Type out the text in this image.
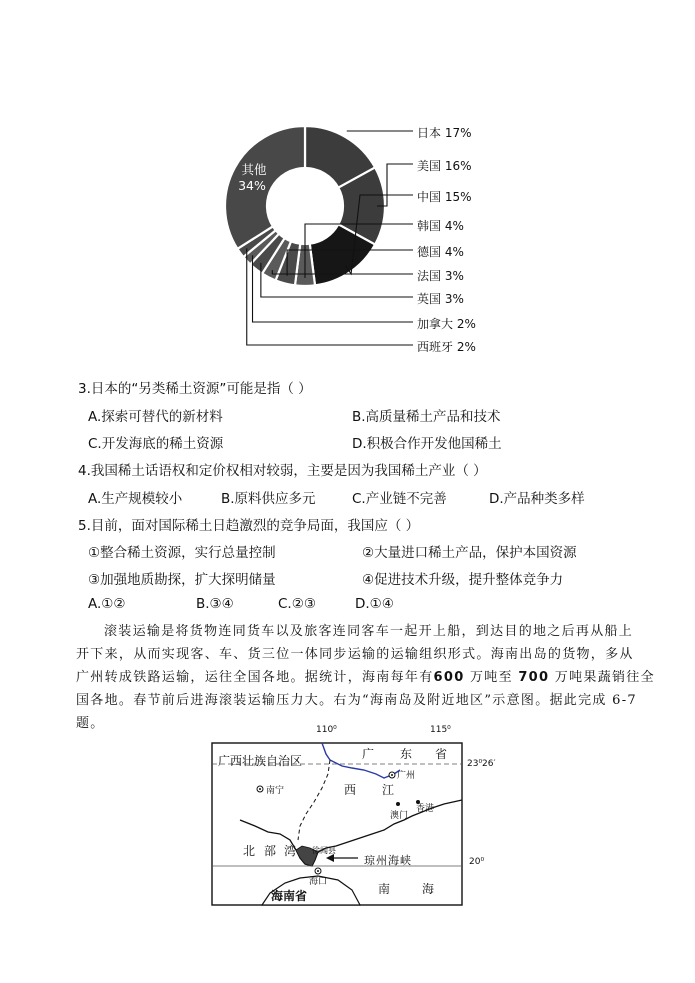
其他
34%
日本 17%
美国 16%
中国 15%
韩国 4%
德国 4%
法国 3%
英国 3%
加拿大 2%
西班牙 2%
3.日本的“另类稀土资源”可能是指（ ）
A.探索可替代的新材料	B.高质量稀土产品和技术
C.开发海底的稀土资源	D.积极合作开发他国稀土
4.我国稀土话语权和定价权相对较弱，主要是因为我国稀土产业（ ）
A.生产规模较小	B.原料供应多元	C.产业链不完善	D.产品种类多样
5.目前，面对国际稀土日趋激烈的竞争局面，我国应（ ）
①整合稀土资源，实行总量控制	②大量进口稀土产品，保护本国资源
③加强地质勘探，扩大探明储量	④促进技术升级，提升整体竞争力
A.①②	B.③④	C.②③	D.①④
滚装运输是将货物连同货车以及旅客连同客车一起开上船，到达目的地之后再从船上
开下来，从而实现客、车、货三位一体同步运输的运输组织形式。海南出岛的货物，多从
广州转成铁路运输，运往全国各地。据统计，海南每年有600 万吨至 700 万吨果蔬销往全
国各地。春节前后进海滚装运输压力大。右为“海南岛及附近地区”示意图。据此完成 6-7
题。	110⁰	115⁰
23⁰26′
20⁰
广西壮族自治区	广 东 省
南宁
广州
西 江
澳门
香港
北 部 湾 徐闻县
琼州海峡
海口
海南省	南	海
